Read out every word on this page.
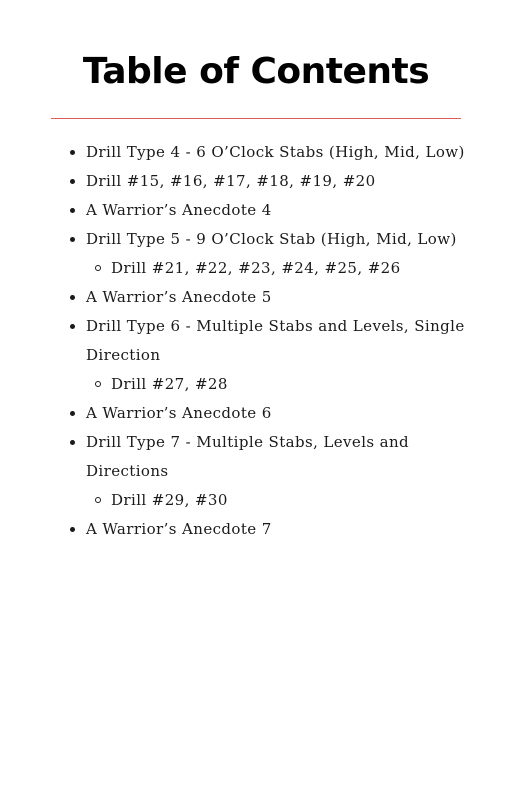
Table of Contents
Drill Type 4 - 6 O’Clock Stabs (High, Mid, Low)
Drill #15, #16, #17, #18, #19, #20
A Warrior’s Anecdote 4
Drill Type 5 - 9 O’Clock Stab (High, Mid, Low)
Drill #21, #22, #23, #24, #25, #26
A Warrior’s Anecdote 5
Drill Type 6 - Multiple Stabs and Levels, Single Direction
Drill #27, #28
A Warrior’s Anecdote 6
Drill Type 7 - Multiple Stabs, Levels and Directions
Drill #29, #30
A Warrior’s Anecdote 7
